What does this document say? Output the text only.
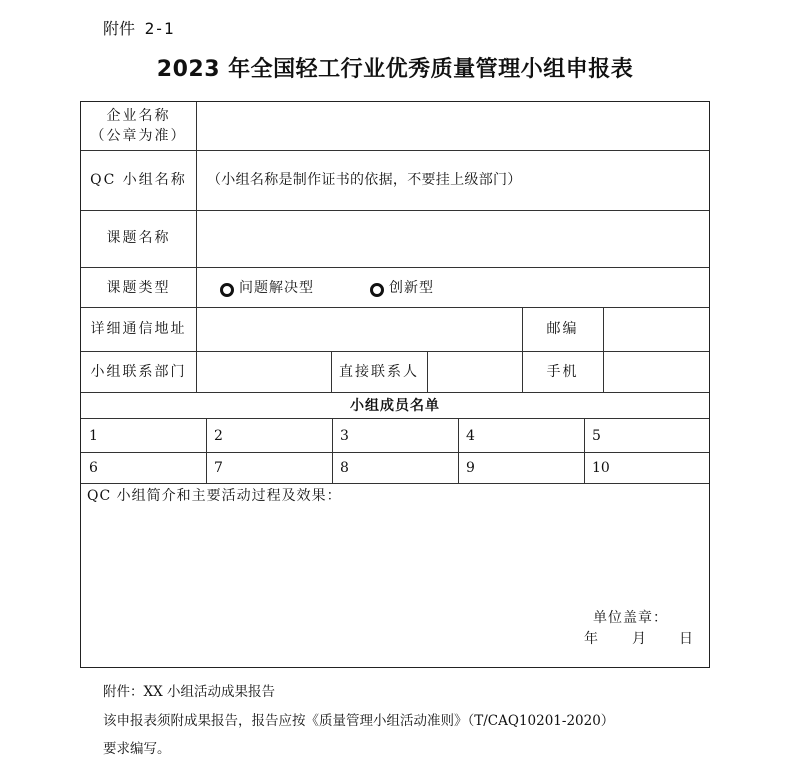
附件 2-1
2023 年全国轻工行业优秀质量管理小组申报表
企业名称
（公章为准）
QC 小组名称	（小组名称是制作证书的依据，不要挂上级部门）
课题名称
课题类型	问题解决型	创新型
详细通信地址	邮编
小组联系部门	直接联系人	手机
小组成员名单
1	2	3	4	5
6	7	8	9	10
QC 小组简介和主要活动过程及效果：
单位盖章：
年 月 日
附件：XX 小组活动成果报告
该申报表须附成果报告，报告应按《质量管理小组活动准则》（T/CAQ10201-2020）
要求编写。
